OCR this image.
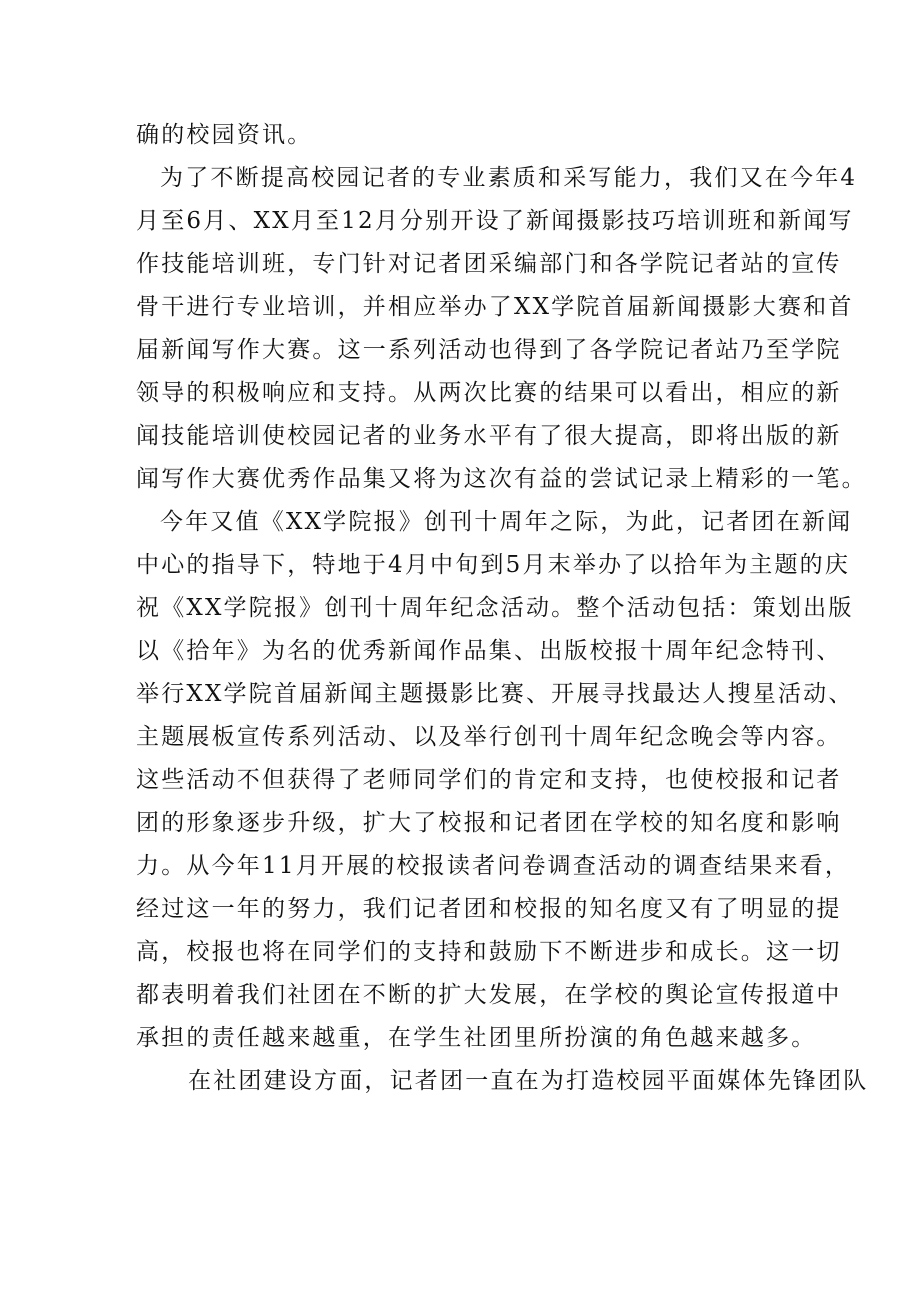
确的校园资讯。

为了不断提高校园记者的专业素质和采写能力，我们又在今年4
月至6月、XX月至12月分别开设了新闻摄影技巧培训班和新闻写
作技能培训班，专门针对记者团采编部门和各学院记者站的宣传
骨干进行专业培训，并相应举办了XX学院首届新闻摄影大赛和首
届新闻写作大赛。这一系列活动也得到了各学院记者站乃至学院
领导的积极响应和支持。从两次比赛的结果可以看出，相应的新
闻技能培训使校园记者的业务水平有了很大提高，即将出版的新
闻写作大赛优秀作品集又将为这次有益的尝试记录上精彩的一笔。

今年又值《XX学院报》创刊十周年之际，为此，记者团在新闻
中心的指导下，特地于4月中旬到5月末举办了以拾年为主题的庆
祝《XX学院报》创刊十周年纪念活动。整个活动包括：策划出版
以《拾年》为名的优秀新闻作品集、出版校报十周年纪念特刊、
举行XX学院首届新闻主题摄影比赛、开展寻找最达人搜星活动、
主题展板宣传系列活动、以及举行创刊十周年纪念晚会等内容。
这些活动不但获得了老师同学们的肯定和支持，也使校报和记者
团的形象逐步升级，扩大了校报和记者团在学校的知名度和影响
力。从今年11月开展的校报读者问卷调查活动的调查结果来看，
经过这一年的努力，我们记者团和校报的知名度又有了明显的提
高，校报也将在同学们的支持和鼓励下不断进步和成长。这一切
都表明着我们社团在不断的扩大发展，在学校的舆论宣传报道中
承担的责任越来越重，在学生社团里所扮演的角色越来越多。

在社团建设方面，记者团一直在为打造校园平面媒体先锋团队
